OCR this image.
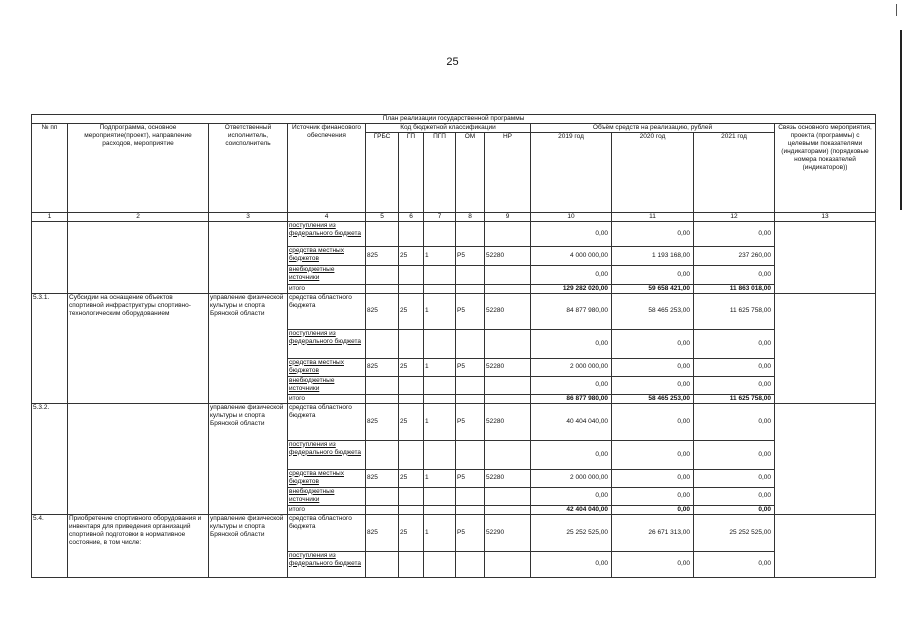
25
План реализации государственной программы													
№ пп	Подпрограмма, основное мероприятие(проект), направление расходов, мероприятие	Ответственный исполнитель, соисполнитель	Источник финансового обеспечения	Код бюджетной классификации					Объём средств на реализацию, рублей			Связь основного мероприятия, проекта (программы) с целевыми показателями (индикаторами) (порядковые номера показателей (индикаторов))	
				ГРБС	ГП	ПГП	ОМ	НР	2019 год	2020 год	2021 год		

1	2	3	4	5	6	7	8	9	10	11	12	13	
			поступления из федерального бюджета						0,00	0,00	0,00		
			средства местных бюджетов	825	25	1	Р5	52280	4 000 000,00	1 193 168,00	237 260,00		
			внебюджетные источники						0,00	0,00	0,00		
			итого						129 282 020,00	59 658 421,00	11 863 018,00		
5.3.1.	Субсидии на оснащение объектов спортивной инфраструктуры спортивно-технологическим оборудованием	управление физической культуры и спорта Брянской области	средства областного бюджета	825	25	1	Р5	52280	84 877 980,00	58 465 253,00	11 625 758,00		
			поступления из федерального бюджета						0,00	0,00	0,00		
			средства местных бюджетов	825	25	1	Р5	52280	2 000 000,00	0,00	0,00		
			внебюджетные источники						0,00	0,00	0,00		
			итого						86 877 980,00	58 465 253,00	11 625 758,00		
5.3.2.		управление физической культуры и спорта Брянской области	средства областного бюджета	825	25	1	Р5	52280	40 404 040,00	0,00	0,00		
			поступления из федерального бюджета						0,00	0,00	0,00		
			средства местных бюджетов	825	25	1	Р5	52280	2 000 000,00	0,00	0,00		
			внебюджетные источники						0,00	0,00	0,00		
			итого						42 404 040,00	0,00	0,00		
5.4.	Приобретение спортивного оборудования и инвентаря для приведения организаций спортивной подготовки в нормативное состояние, в том числе:	управление физической культуры и спорта Брянской области	средства областного бюджета	825	25	1	Р5	52290	25 252 525,00	26 671 313,00	25 252 525,00		
			поступления из федерального бюджета						0,00	0,00	0,00		
